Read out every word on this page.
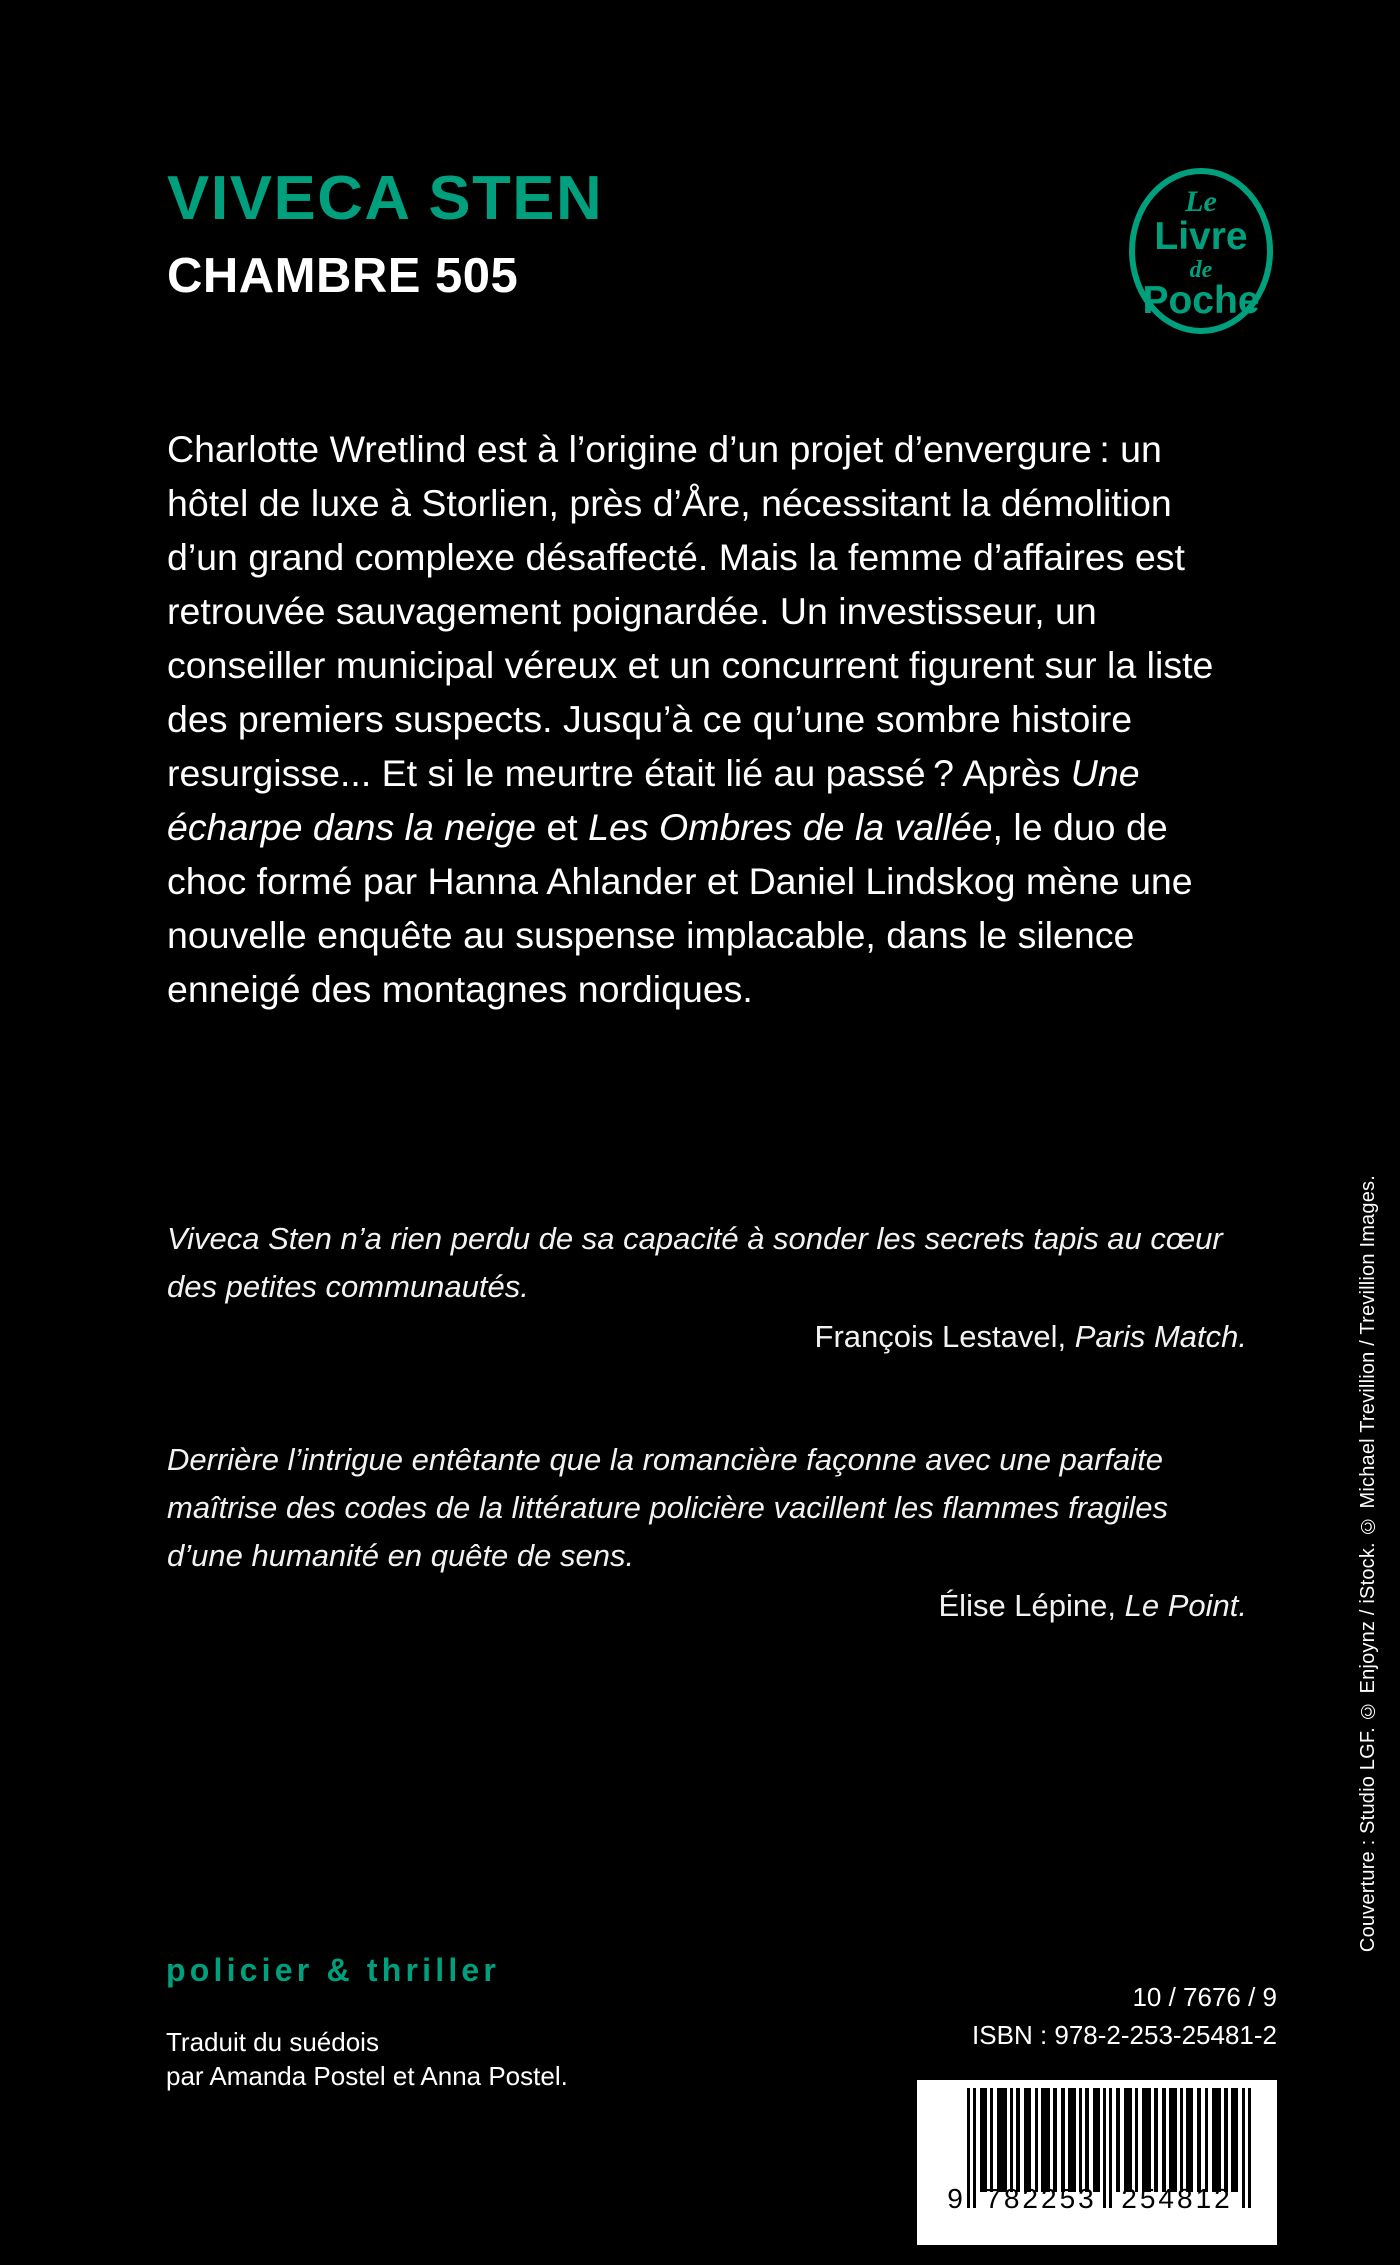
VIVECA STEN
CHAMBRE 505
Le
Livre
de
Poche
Charlotte Wretlind est à l’origine d’un projet d’envergure : un hôtel de luxe à Storlien, près d’Åre, nécessitant la démolition d’un grand complexe désaffecté. Mais la femme d’affaires est retrouvée sauvagement poignardée. Un investisseur, un conseiller municipal véreux et un concurrent figurent sur la liste des premiers suspects. Jusqu’à ce qu’une sombre histoire resurgisse... Et si le meurtre était lié au passé ? Après Une écharpe dans la neige et Les Ombres de la vallée, le duo de choc formé par Hanna Ahlander et Daniel Lindskog mène une nouvelle enquête au suspense implacable, dans le silence enneigé des montagnes nordiques.
Viveca Sten n’a rien perdu de sa capacité à sonder les secrets tapis au cœur des petites communautés.
François Lestavel, Paris Match.
Derrière l’intrigue entêtante que la romancière façonne avec une parfaite maîtrise des codes de la littérature policière vacillent les flammes fragiles d’une humanité en quête de sens.
Élise Lépine, Le Point.	Couverture : Studio LGF. © Enjoynz / iStock. © Michael Trevillion / Trevillion Images.
policier & thriller
Traduit du suédois
par Amanda Postel et Anna Postel.
10 / 7676 / 9
ISBN : 978-2-253-25481-2
9 782253 254812
